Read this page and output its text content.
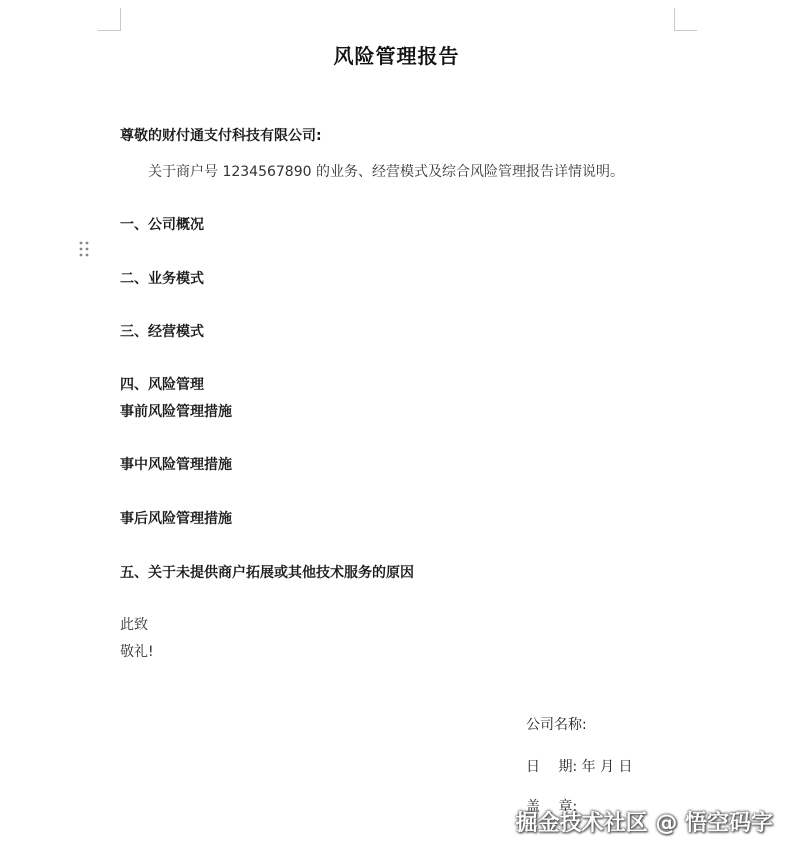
风险管理报告
尊敬的财付通支付科技有限公司:
关于商户号 1234567890 的业务、经营模式及综合风险管理报告详情说明。
一、公司概况
二、业务模式
三、经营模式
四、风险管理
事前风险管理措施
事中风险管理措施
事后风险管理措施
五、关于未提供商户拓展或其他技术服务的原因
此致
敬礼!
公司名称:
日　 期: 年 月 日
盖　 章:
掘金技术社区 @ 悟空码字
